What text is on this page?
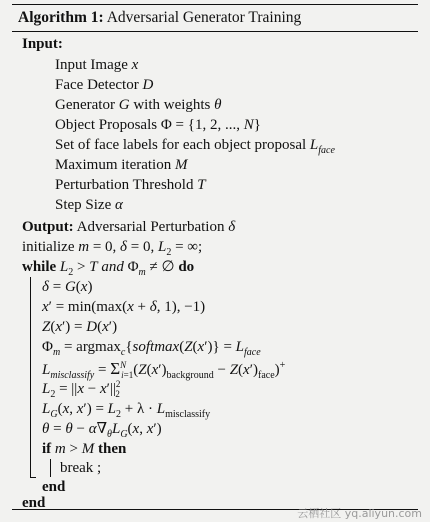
Algorithm 1: Adversarial Generator Training
Input:
Input Image x
Face Detector D
Generator G with weights θ
Object Proposals Φ = {1, 2, ..., N}
Set of face labels for each object proposal $L_{face}$
Maximum iteration M
Perturbation Threshold T
Step Size α
Output: Adversarial Perturbation δ
initialize m = 0, δ = 0, $L_2$ = ∞;
while $L_2 > T$ and $\Phi_m$ ≠ ∅ do
δ = G(x)
x′ = min(max(x + δ, 1), −1)
Z(x′) = D(x′)
$\Phi_m$ = argmax$_c${softmax(Z(x′)} = $L_{face}$
$L_{misclassify} = \Sigma^N_{i=1}(Z(x')_{background} - Z(x')_{face})^+$
$L_2 = ||x - x'||^2_2$
$L_G(x$, $x') = L_2 + \lambda \cdot L_{misclassify}$
$\theta = \theta - \alpha\nabla_\theta L_G(x$, x′)
if m > M then
break ;
end
end
云栖社区 yq.aliyun.com
